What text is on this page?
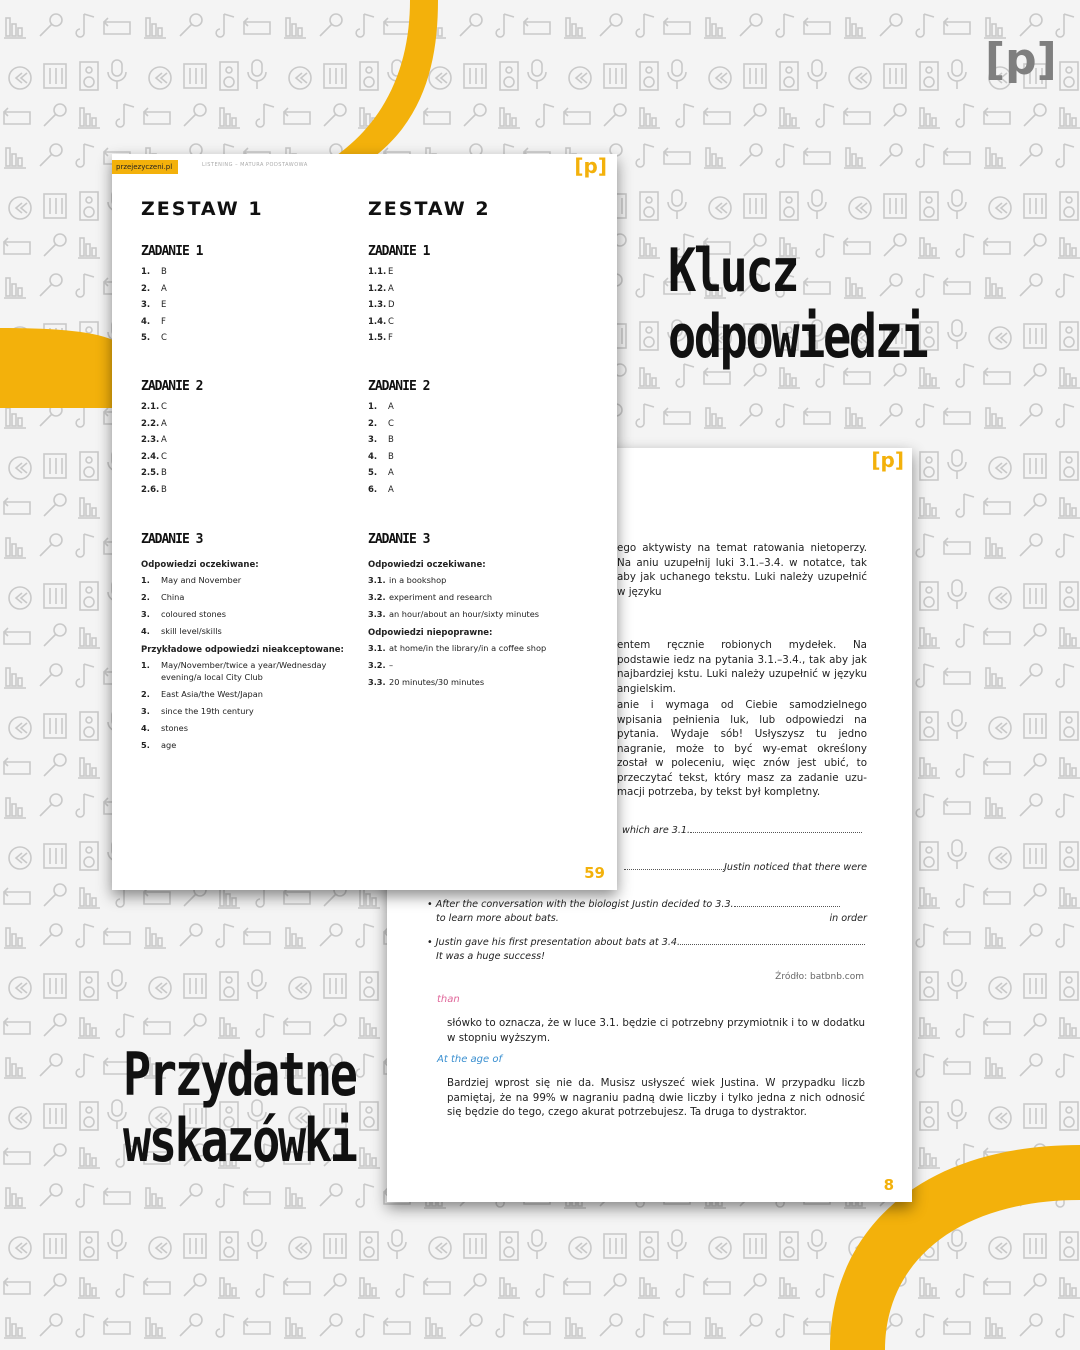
[p]
[p]
ego aktywisty na temat ratowania nietoperzy. Na aniu uzupełnij luki 3.1.–3.4. w notatce, tak aby jak uchanego tekstu. Luki należy uzupełnić w języku
entem ręcznie robionych mydełek. Na podstawie iedz na pytania 3.1.–3.4., tak aby jak najbardziej kstu. Luki należy uzupełnić w języku angielskim.
anie i wymaga od Ciebie samodzielnego wpisania pełnienia luk, lub odpowiedzi na pytania. Wydaje sób! Usłyszysz tu jedno nagranie, może to być wy-emat określony został w poleceniu, więc znów jest ubić, to przeczytać tekst, który masz za zadanie uzu-macji potrzeba, by tekst był kompletny.
which are 3.1.
Justin noticed that there were
• After the conversation with the biologist Justin decided to 3.3.
in order

to learn more about bats.
• Justin gave his first presentation about bats at 3.4.
It was a huge success!
Źródło: batbnb.com
than
słówko to oznacza, że w luce 3.1. będzie ci potrzebny przymiotnik i to w dodatku w stopniu wyższym.
At the age of
Bardziej wprost się nie da. Musisz usłyszeć wiek Justina. W przypadku liczb pamiętaj, że na 99% w nagraniu padną dwie liczby i tylko jedna z nich odnosić się będzie do tego, czego akurat potrzebujesz. Ta druga to dystraktor.
8
przejezyczeni.pl	LISTENING – MATURA PODSTAWOWA	[p]
ZESTAW 1	ZESTAW 2
ZADANIE 1
1. B
2. A
3. E
4. F
5. C
ZADANIE 2
2.1. C
2.2. A
2.3. A
2.4. C
2.5. B
2.6. B
ZADANIE 3
Odpowiedzi oczekiwane:
1.	May and November
2.	China
3.	coloured stones
4.	skill level/skills
Przykładowe odpowiedzi nieakceptowane:
1.	May/November/twice a year/Wednesday evening/a local City Club
2.	East Asia/the West/Japan
3.	since the 19th century
4.	stones
5.	age
ZADANIE 1
1.1. E
1.2. A
1.3. D
1.4. C
1.5. F
ZADANIE 2
1. A
2. C
3. B
4. B
5. A
6. A
ZADANIE 3
Odpowiedzi oczekiwane:
3.1. in a bookshop
3.2. experiment and research
3.3. an hour/about an hour/sixty minutes
Odpowiedzi niepoprawne:
3.1. at home/in the library/in a coffee shop
3.2. –
3.3. 20 minutes/30 minutes
59
Klucz
odpowiedzi
Przydatne
wskazówki
